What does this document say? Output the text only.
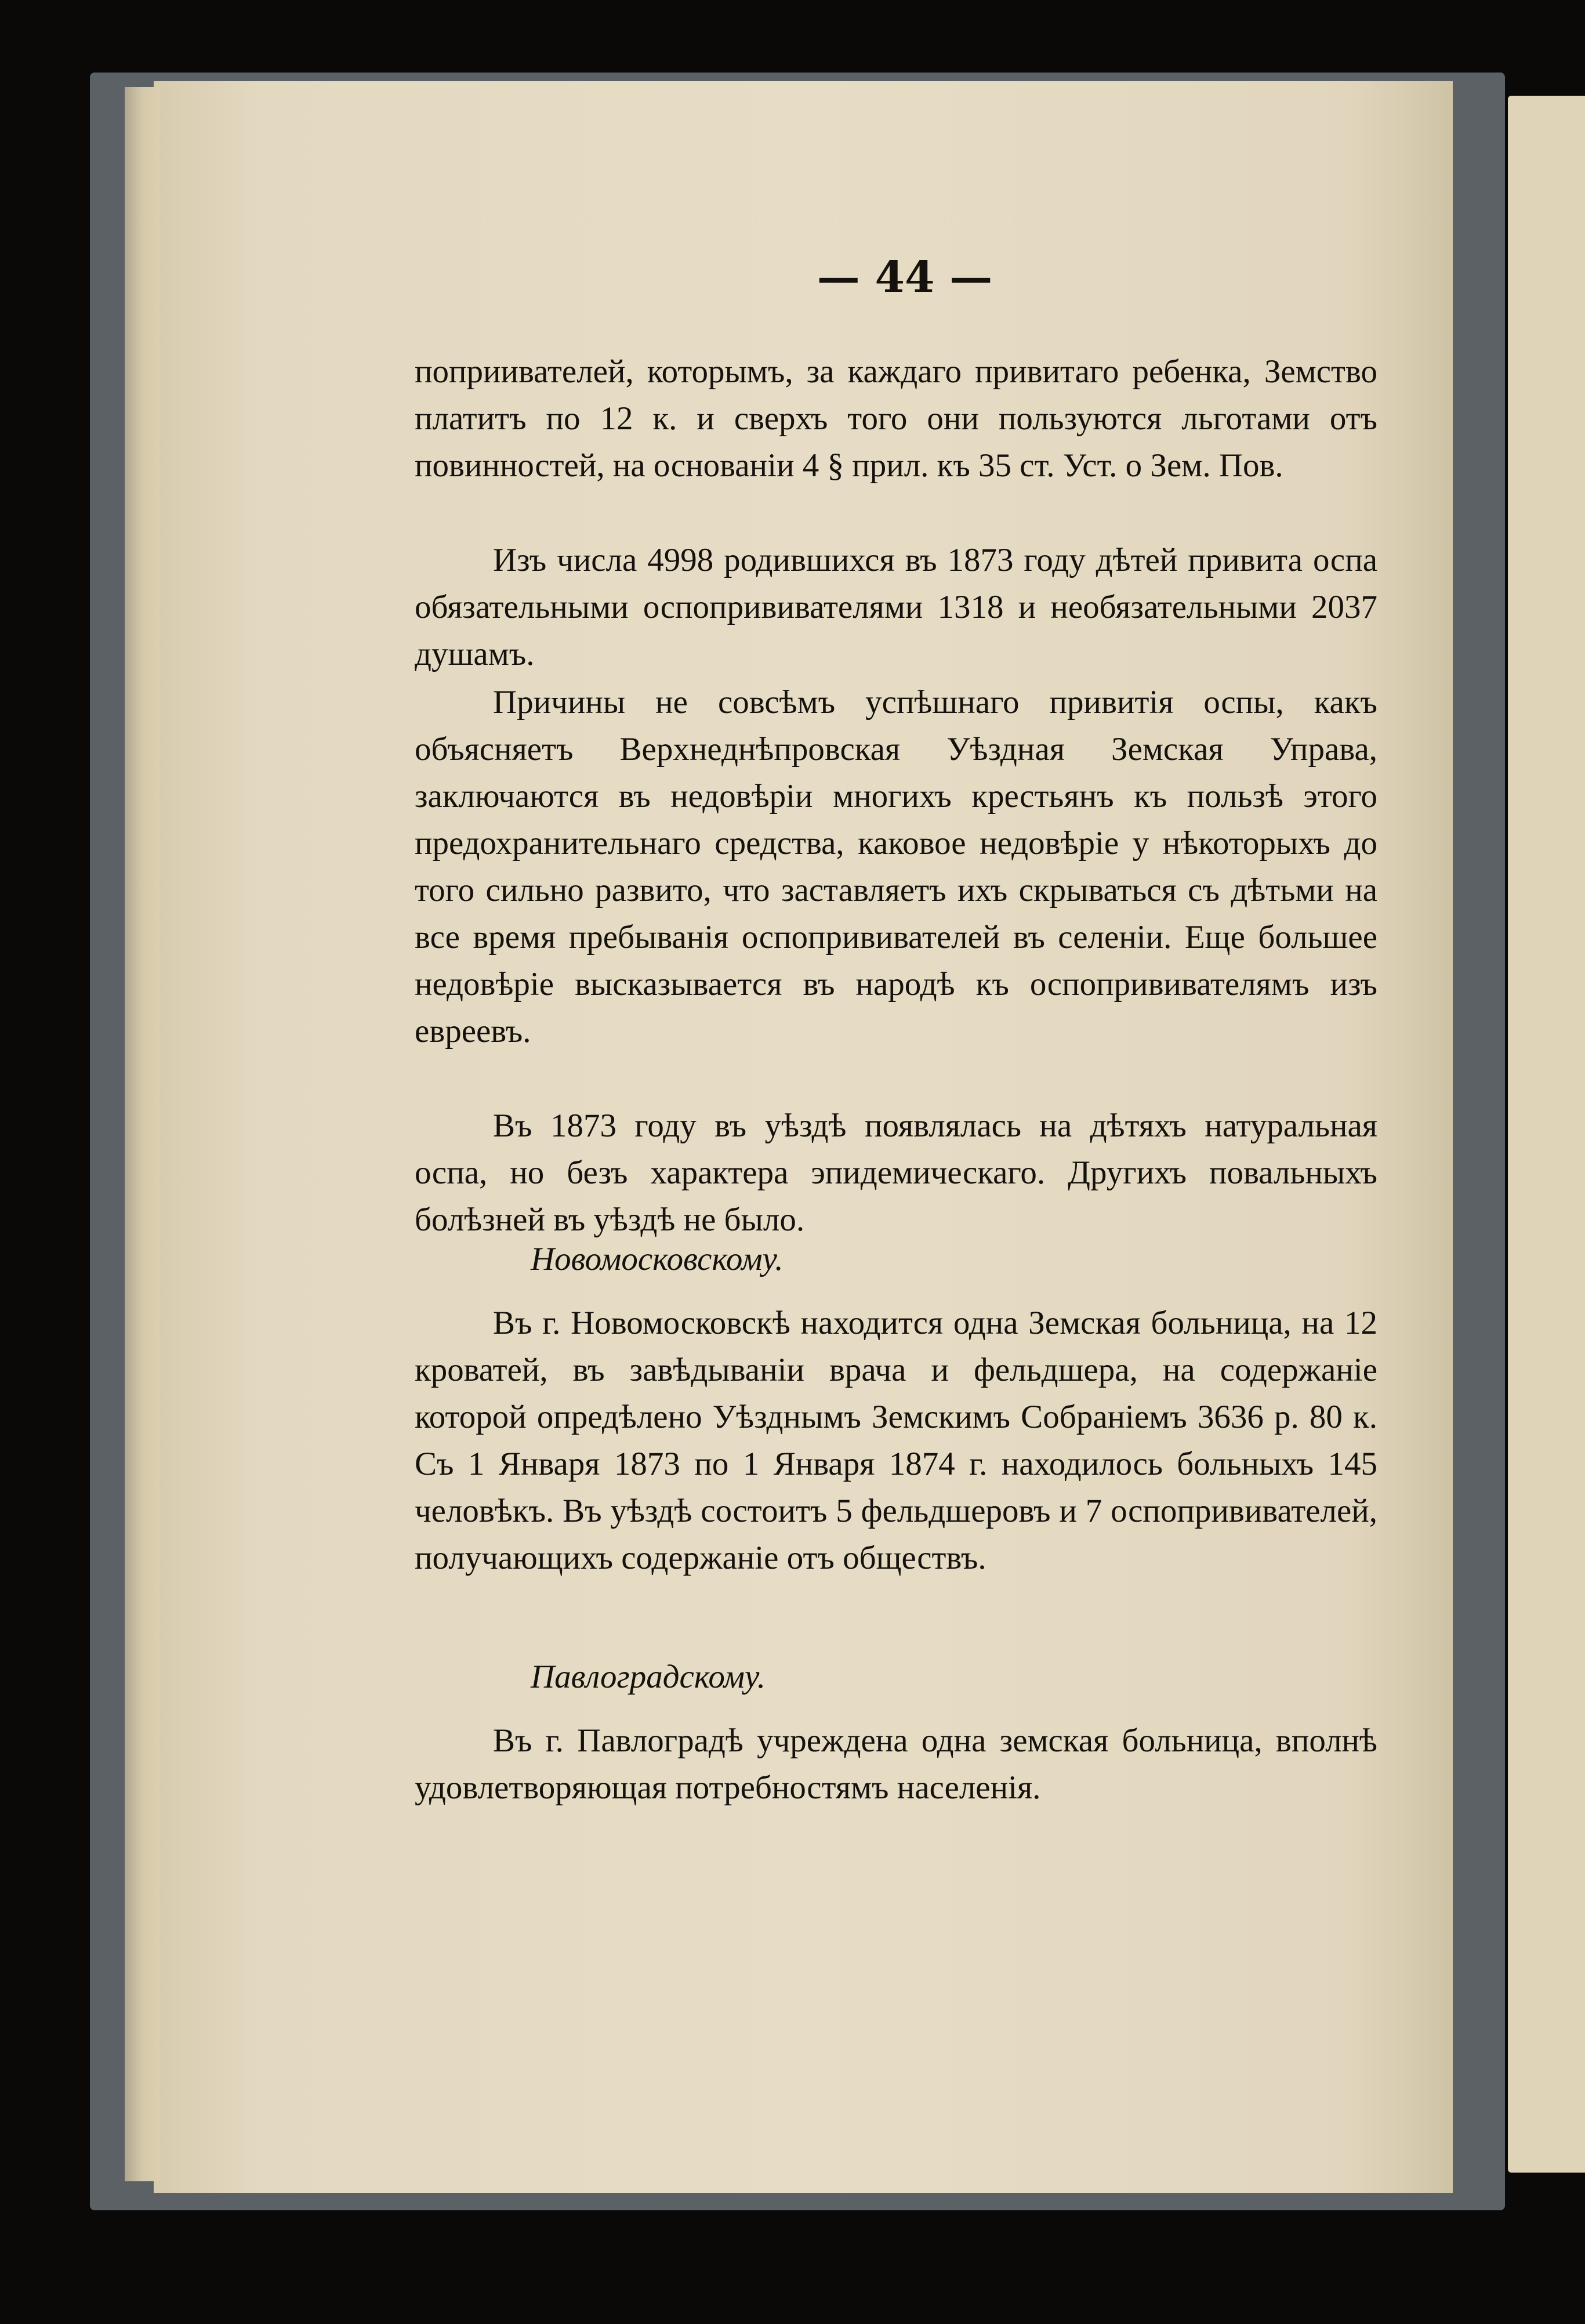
— 44 —

поприивателей, которымъ, за каждаго привитаго ребенка, Земство платитъ по 12 к. и сверхъ того они пользуются льготами отъ повинностей, на основаніи 4 § прил. къ 35 ст. Уст. о Зем. Пов.

Изъ числа 4998 родившихся въ 1873 году дѣтей привита оспа обязательными оспопрививателями 1318 и необязательными 2037 душамъ.

Причины не совсѣмъ успѣшнаго привитія оспы, какъ объясняетъ Верхнеднѣпровская Уѣздная Земская Управа, заключаются въ недовѣріи многихъ крестьянъ къ пользѣ этого предохранительнаго средства, каковое недовѣріе у нѣкоторыхъ до того сильно развито, что заставляетъ ихъ скрываться съ дѣтьми на все время пребыванія оспопрививателей въ селеніи. Еще большее недовѣріе высказывается въ народѣ къ оспопрививателямъ изъ евреевъ.

Въ 1873 году въ уѣздѣ появлялась на дѣтяхъ натуральная оспа, но безъ характера эпидемическаго. Другихъ повальныхъ болѣзней въ уѣздѣ не было.

Новомосковскому.

Въ г. Новомосковскѣ находится одна Земская больница, на 12 кроватей, въ завѣдываніи врача и фельдшера, на содержаніе которой опредѣлено Уѣзднымъ Земскимъ Собраніемъ 3636 р. 80 к. Съ 1 Января 1873 по 1 Января 1874 г. находилось больныхъ 145 человѣкъ. Въ уѣздѣ состоитъ 5 фельдшеровъ и 7 оспопрививателей, получающихъ содержаніе отъ обществъ.

Павлоградскому.

Въ г. Павлоградѣ учреждена одна земская больница, вполнѣ удовлетворяющая потребностямъ населенія.
